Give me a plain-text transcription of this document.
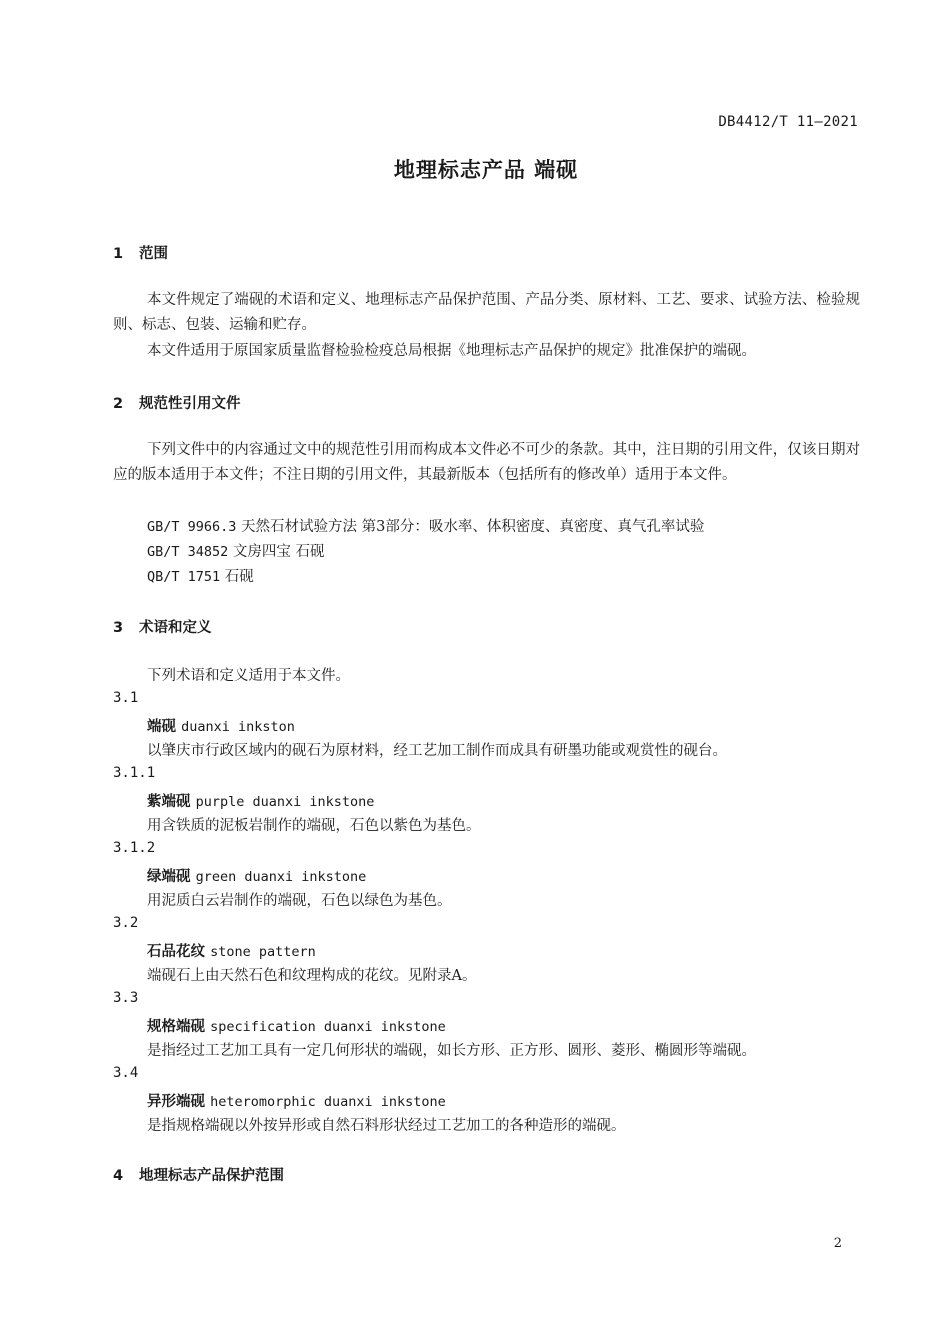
DB4412/T 11—2021
地理标志产品 端砚
1 范围
本文件规定了端砚的术语和定义、地理标志产品保护范围、产品分类、原材料、工艺、要求、试验方法、检验规则、标志、包装、运输和贮存。
本文件适用于原国家质量监督检验检疫总局根据《地理标志产品保护的规定》批准保护的端砚。
2 规范性引用文件
下列文件中的内容通过文中的规范性引用而构成本文件必不可少的条款。其中，注日期的引用文件，仅该日期对应的版本适用于本文件；不注日期的引用文件，其最新版本（包括所有的修改单）适用于本文件。
GB/T 9966.3 天然石材试验方法 第3部分：吸水率、体积密度、真密度、真气孔率试验
GB/T 34852 文房四宝 石砚
QB/T 1751 石砚
3 术语和定义
下列术语和定义适用于本文件。
3.1
端砚 duanxi inkston
以肇庆市行政区域内的砚石为原材料，经工艺加工制作而成具有研墨功能或观赏性的砚台。
3.1.1
紫端砚 purple duanxi inkstone
用含铁质的泥板岩制作的端砚，石色以紫色为基色。
3.1.2
绿端砚 green duanxi inkstone
用泥质白云岩制作的端砚，石色以绿色为基色。
3.2
石品花纹 stone pattern
端砚石上由天然石色和纹理构成的花纹。见附录A。
3.3
规格端砚 specification duanxi inkstone
是指经过工艺加工具有一定几何形状的端砚，如长方形、正方形、圆形、菱形、椭圆形等端砚。
3.4
异形端砚 heteromorphic duanxi inkstone
是指规格端砚以外按异形或自然石料形状经过工艺加工的各种造形的端砚。
4 地理标志产品保护范围
2
